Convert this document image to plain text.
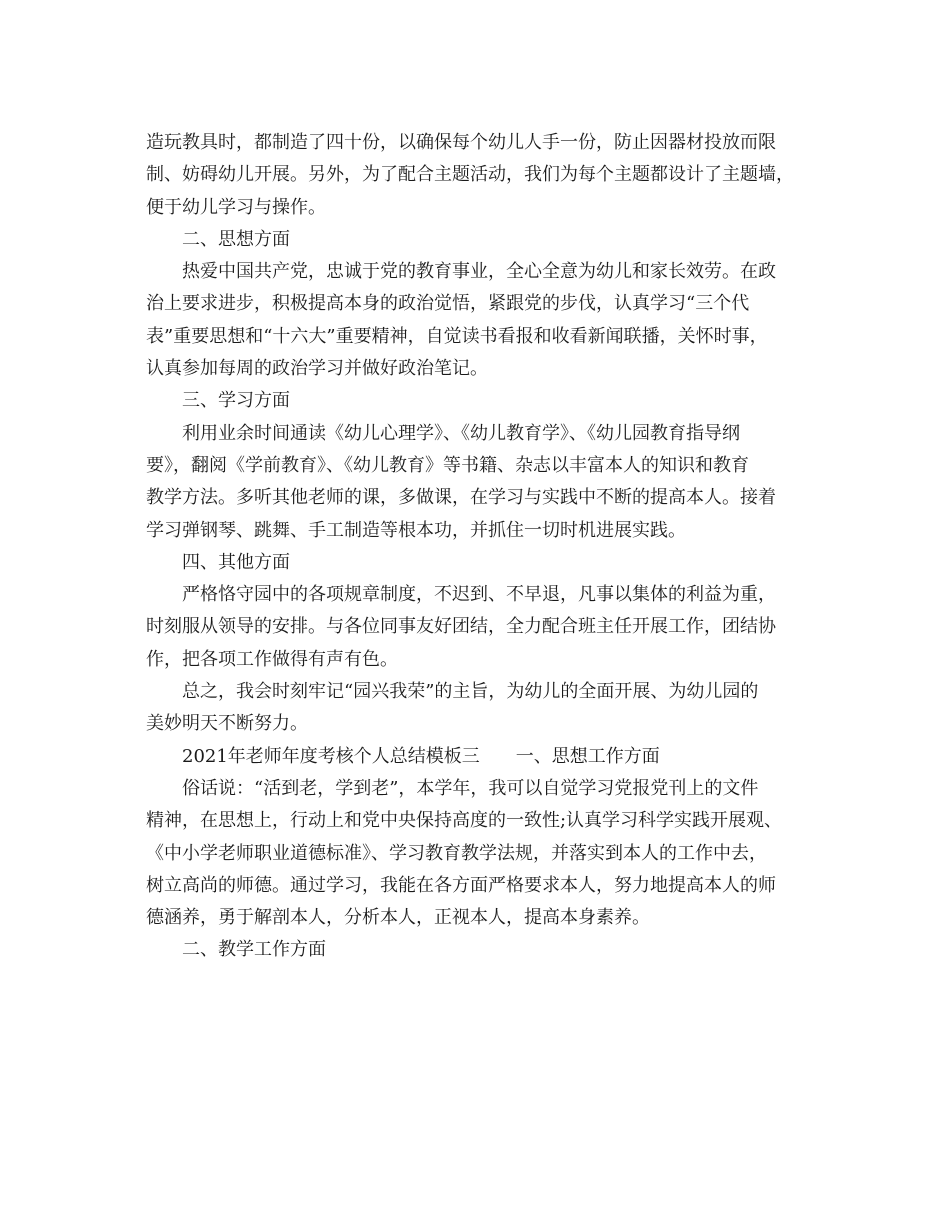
造玩教具时，都制造了四十份，以确保每个幼儿人手一份，防止因器材投放而限
制、妨碍幼儿开展。另外，为了配合主题活动，我们为每个主题都设计了主题墙，
便于幼儿学习与操作。
二、思想方面
热爱中国共产党，忠诚于党的教育事业，全心全意为幼儿和家长效劳。在政
治上要求进步，积极提高本身的政治觉悟，紧跟党的步伐，认真学习“三个代
表”重要思想和“十六大”重要精神，自觉读书看报和收看新闻联播，关怀时事，
认真参加每周的政治学习并做好政治笔记。
三、学习方面
利用业余时间通读《幼儿心理学》、《幼儿教育学》、《幼儿园教育指导纲
要》，翻阅《学前教育》、《幼儿教育》等书籍、杂志以丰富本人的知识和教育
教学方法。多听其他老师的课，多做课，在学习与实践中不断的提高本人。接着
学习弹钢琴、跳舞、手工制造等根本功，并抓住一切时机进展实践。
四、其他方面
严格恪守园中的各项规章制度，不迟到、不早退，凡事以集体的利益为重，
时刻服从领导的安排。与各位同事友好团结，全力配合班主任开展工作，团结协
作，把各项工作做得有声有色。
总之，我会时刻牢记“园兴我荣”的主旨，为幼儿的全面开展、为幼儿园的
美妙明天不断努力。
2021年老师年度考核个人总结模板三　　一、思想工作方面
俗话说：“活到老，学到老”，本学年，我可以自觉学习党报党刊上的文件
精神，在思想上，行动上和党中央保持高度的一致性;认真学习科学实践开展观、
《中小学老师职业道德标准》、学习教育教学法规，并落实到本人的工作中去，
树立高尚的师德。通过学习，我能在各方面严格要求本人，努力地提高本人的师
德涵养，勇于解剖本人，分析本人，正视本人，提高本身素养。
二、教学工作方面
